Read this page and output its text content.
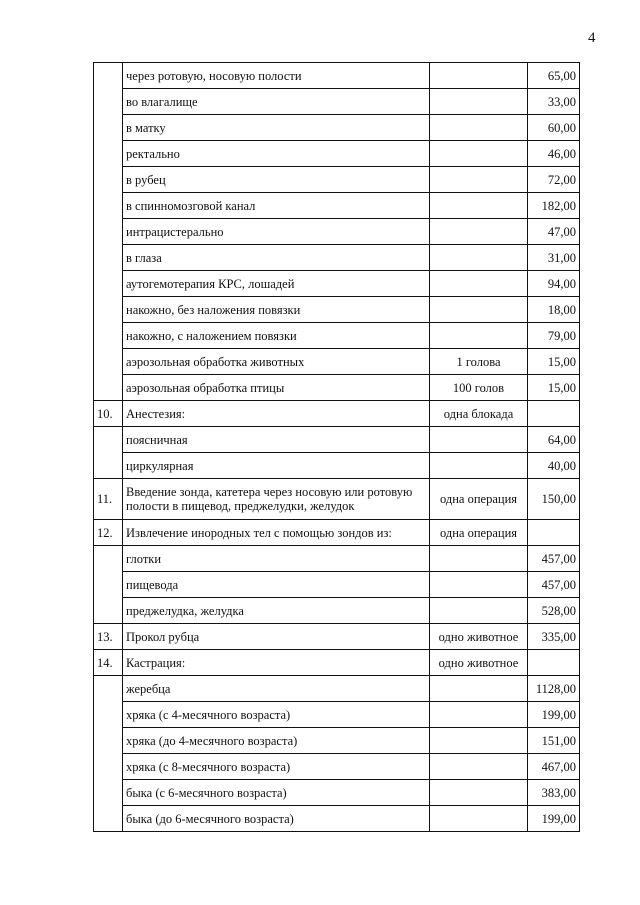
4
	через ротовую, носовую полости		65,00
	во влагалище		33,00
	в матку		60,00
	ректально		46,00
	в рубец		72,00
	в спинномозговой канал		182,00
	интрацистерально		47,00
	в глаза		31,00
	аутогемотерапия КРС, лошадей		94,00
	накожно, без наложения повязки		18,00
	накожно, с наложением повязки		79,00
	аэрозольная обработка животных	1 голова	15,00
	аэрозольная обработка птицы	100 голов	15,00
10.	Анестезия:	одна блокада	
	поясничная		64,00
	циркулярная		40,00
11.	Введение зонда, катетера через носовую или ротовую полости в пищевод, преджелудки, желудок	одна операция	150,00
12.	Извлечение инородных тел с помощью зондов из:	одна операция	
	глотки		457,00
	пищевода		457,00
	преджелудка, желудка		528,00
13.	Прокол рубца	одно животное	335,00
14.	Кастрация:	одно животное	
	жеребца		1128,00
	хряка (с 4-месячного возраста)		199,00
	хряка (до 4-месячного возраста)		151,00
	хряка (с 8-месячного возраста)		467,00
	быка (с 6-месячного возраста)		383,00
	быка (до 6-месячного возраста)		199,00
